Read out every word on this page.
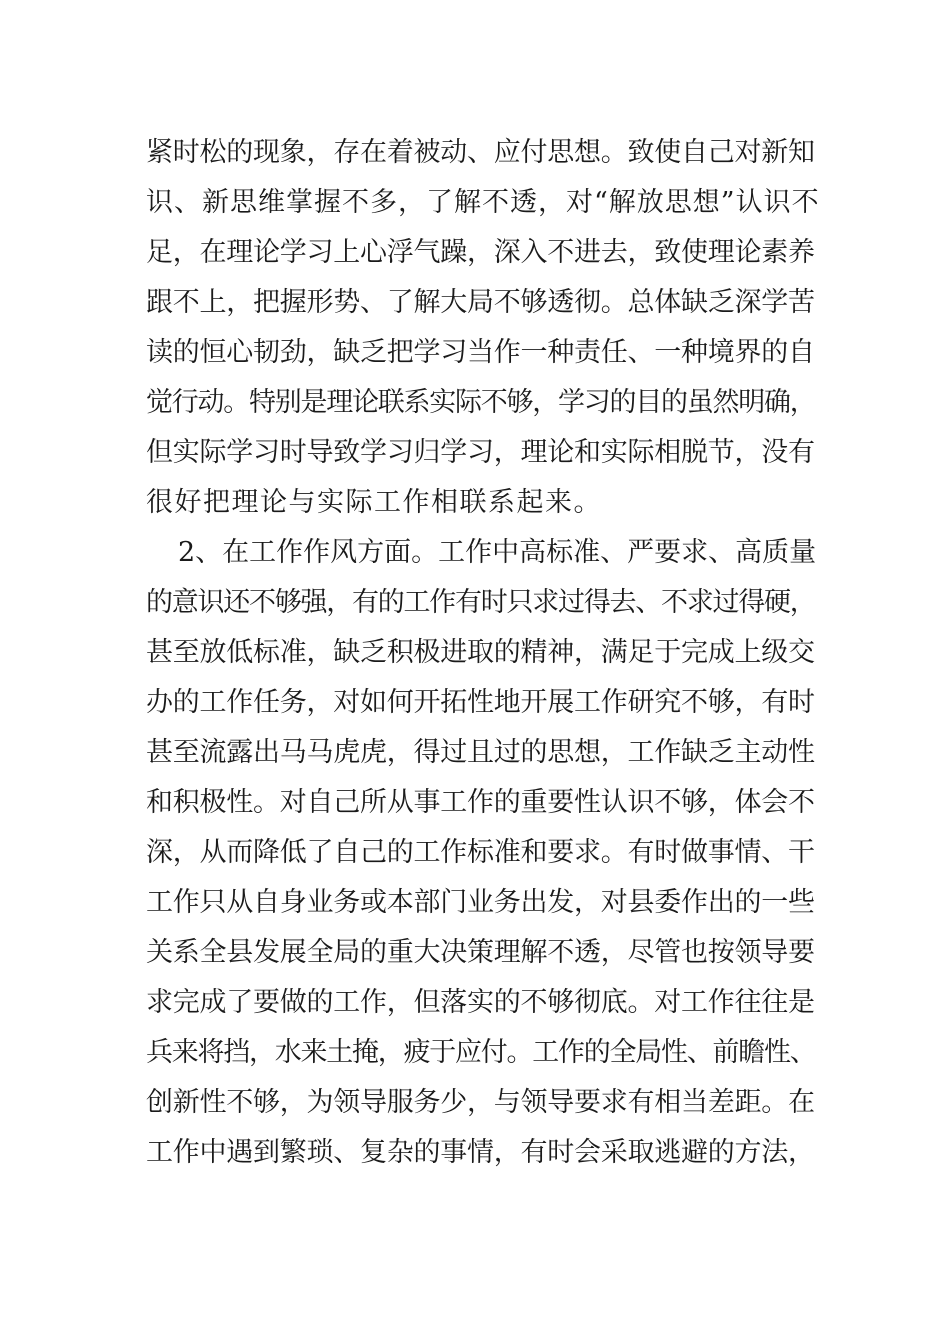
紧时松的现象，存在着被动、应付思想。致使自己对新知
识、新思维掌握不多，了解不透，对“解放思想”认识不
足，在理论学习上心浮气躁，深入不进去，致使理论素养
跟不上，把握形势、了解大局不够透彻。总体缺乏深学苦
读的恒心韧劲，缺乏把学习当作一种责任、一种境界的自
觉行动。特别是理论联系实际不够，学习的目的虽然明确，
但实际学习时导致学习归学习，理论和实际相脱节，没有
很好把理论与实际工作相联系起来。
2、在工作作风方面。工作中高标准、严要求、高质量
的意识还不够强，有的工作有时只求过得去、不求过得硬，
甚至放低标准，缺乏积极进取的精神，满足于完成上级交
办的工作任务，对如何开拓性地开展工作研究不够，有时
甚至流露出马马虎虎，得过且过的思想，工作缺乏主动性
和积极性。对自己所从事工作的重要性认识不够，体会不
深，从而降低了自己的工作标准和要求。有时做事情、干
工作只从自身业务或本部门业务出发，对县委作出的一些
关系全县发展全局的重大决策理解不透，尽管也按领导要
求完成了要做的工作，但落实的不够彻底。对工作往往是
兵来将挡，水来土掩，疲于应付。工作的全局性、前瞻性、
创新性不够，为领导服务少，与领导要求有相当差距。在
工作中遇到繁琐、复杂的事情，有时会采取逃避的方法，
